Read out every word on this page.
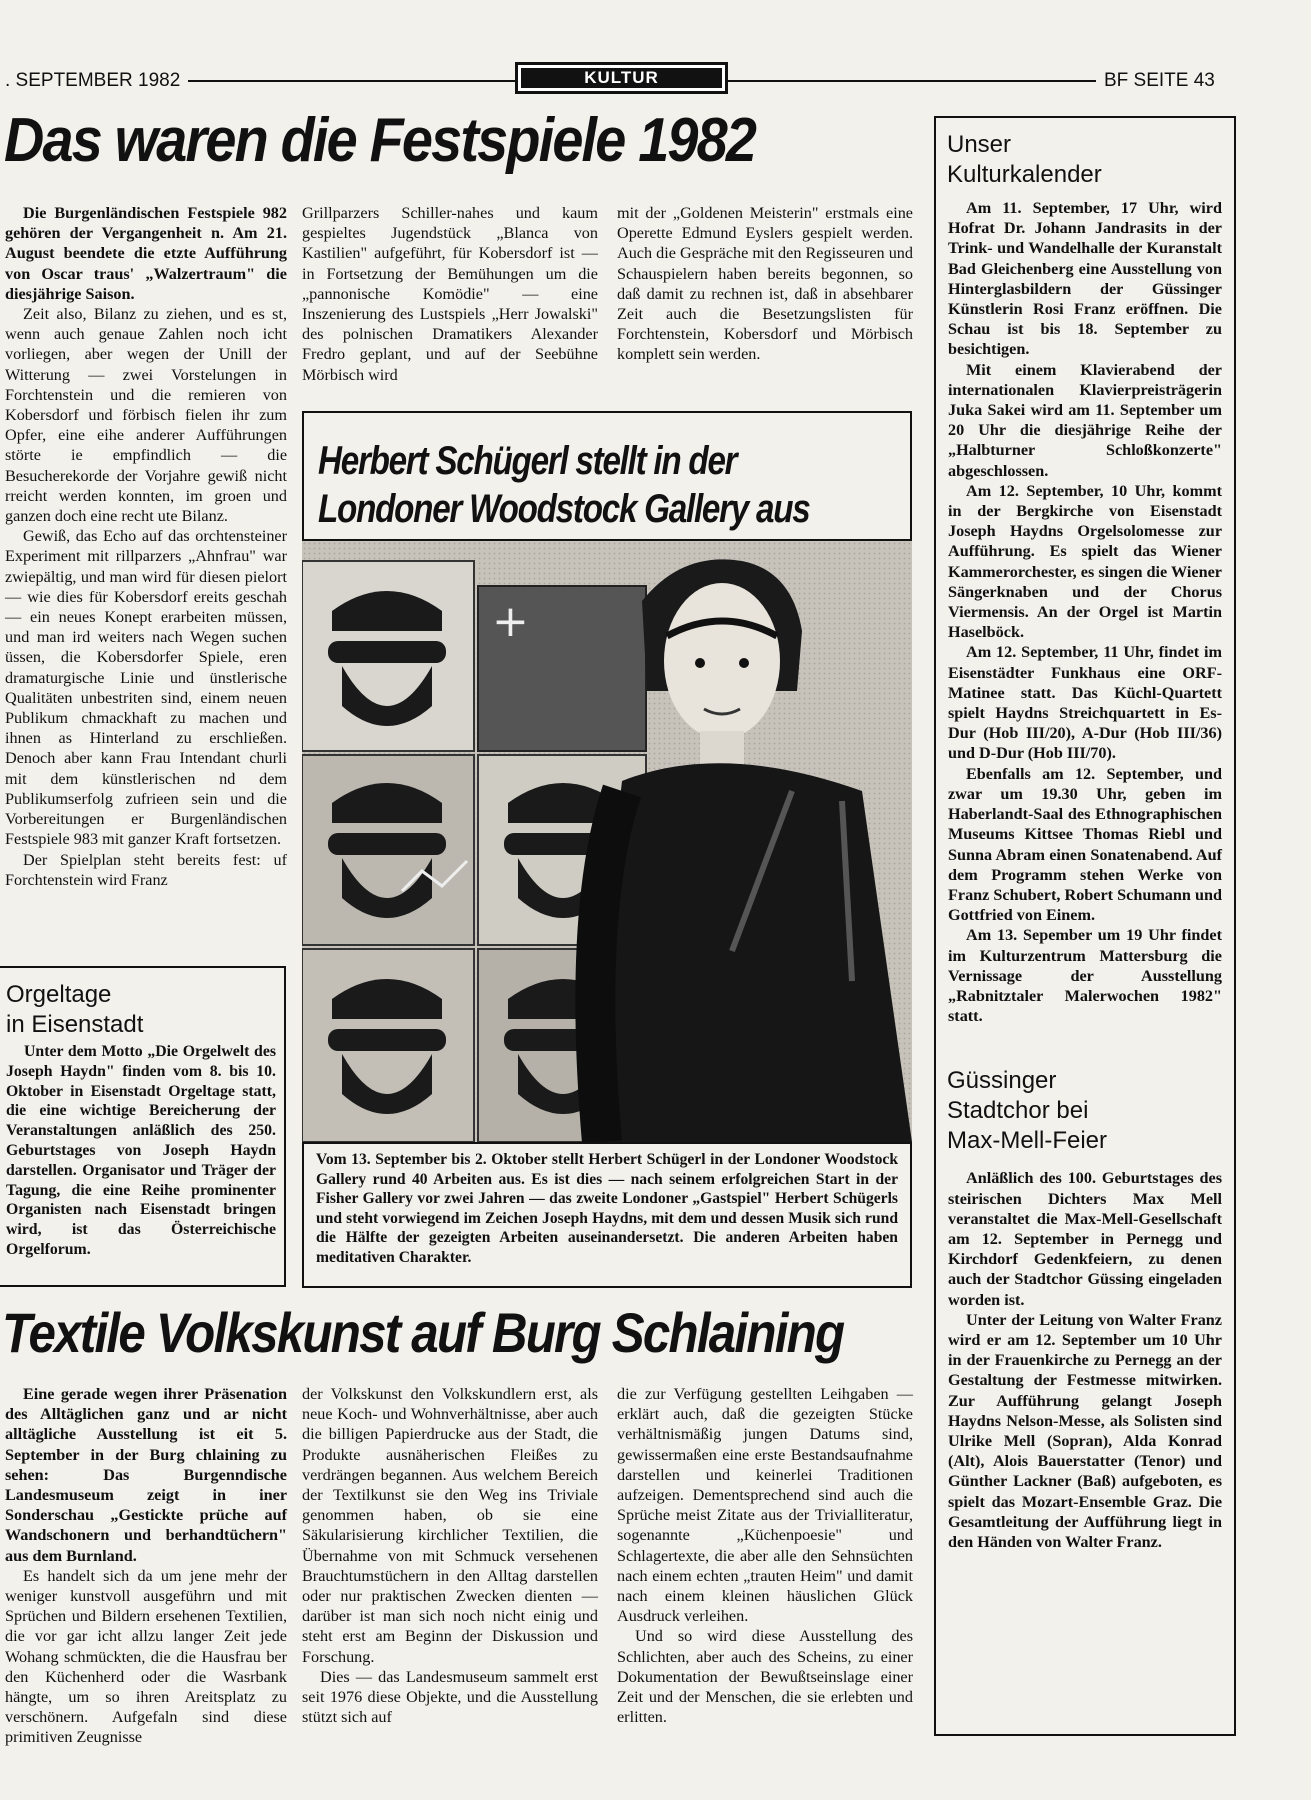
. SEPTEMBER 1982	KULTUR	BF SEITE 43
Das waren die Festspiele 1982

Die Burgenländischen Festspiele 982 gehören der Vergangenheit n. Am 21. August beendete die etzte Aufführung von Oscar traus' „Walzertraum" die diesjährige Saison.

Zeit also, Bilanz zu ziehen, und es st, wenn auch genaue Zahlen noch icht vorliegen, aber wegen der Unill der Witterung — zwei Vorstelungen in Forchtenstein und die remieren von Kobersdorf und förbisch fielen ihr zum Opfer, eine eihe anderer Aufführungen störte ie empfindlich — die Besucherekorde der Vorjahre gewiß nicht rreicht werden konnten, im groen und ganzen doch eine recht ute Bilanz.

Gewiß, das Echo auf das orchtensteiner Experiment mit rillparzers „Ahnfrau" war zwiepältig, und man wird für diesen pielort — wie dies für Kobersdorf ereits geschah — ein neues Konept erarbeiten müssen, und man ird weiters nach Wegen suchen üssen, die Kobersdorfer Spiele, eren dramaturgische Linie und ünstlerische Qualitäten unbestriten sind, einem neuen Publikum chmackhaft zu machen und ihnen as Hinterland zu erschließen. Denoch aber kann Frau Intendant churli mit dem künstlerischen nd dem Publikumserfolg zufrieen sein und die Vorbereitungen er Burgenländischen Festspiele 983 mit ganzer Kraft fortsetzen.

Der Spielplan steht bereits fest: uf Forchtenstein wird Franz

Grillparzers Schiller-nahes und kaum gespieltes Jugendstück „Blanca von Kastilien" aufgeführt, für Kobersdorf ist — in Fortsetzung der Bemühungen um die „pannonische Komödie" — eine Inszenierung des Lustspiels „Herr Jowalski" des polnischen Dramatikers Alexander Fredro geplant, und auf der Seebühne Mörbisch wird

mit der „Goldenen Meisterin" erstmals eine Operette Edmund Eyslers gespielt werden. Auch die Gespräche mit den Regisseuren und Schauspielern haben bereits begonnen, so daß damit zu rechnen ist, daß in absehbarer Zeit auch die Besetzungslisten für Forchtenstein, Kobersdorf und Mörbisch komplett sein werden.

Orgeltage
in Eisenstadt

Unter dem Motto „Die Orgelwelt des Joseph Haydn" finden vom 8. bis 10. Oktober in Eisenstadt Orgeltage statt, die eine wichtige Bereicherung der Veranstaltungen anläßlich des 250. Geburtstages von Joseph Haydn darstellen. Organisator und Träger der Tagung, die eine Reihe prominenter Organisten nach Eisenstadt bringen wird, ist das Österreichische Orgelforum.

Herbert Schügerl stellt in der
Londoner Woodstock Gallery aus
+
Vom 13. September bis 2. Oktober stellt Herbert Schügerl in der Londoner Woodstock Gallery rund 40 Arbeiten aus. Es ist dies — nach seinem erfolgreichen Start in der Fisher Gallery vor zwei Jahren — das zweite Londoner „Gastspiel" Herbert Schügerls und steht vorwiegend im Zeichen Joseph Haydns, mit dem und dessen Musik sich rund die Hälfte der gezeigten Arbeiten auseinandersetzt. Die anderen Arbeiten haben meditativen Charakter.
Unser
Kulturkalender

Am 11. September, 17 Uhr, wird Hofrat Dr. Johann Jandrasits in der Trink- und Wandelhalle der Kuranstalt Bad Gleichenberg eine Ausstellung von Hinterglasbildern der Güssinger Künstlerin Rosi Franz eröffnen. Die Schau ist bis 18. September zu besichtigen.

Mit einem Klavierabend der internationalen Klavierpreisträgerin Juka Sakei wird am 11. September um 20 Uhr die diesjährige Reihe der „Halbturner Schloßkonzerte" abgeschlossen.

Am 12. September, 10 Uhr, kommt in der Bergkirche von Eisenstadt Joseph Haydns Orgelsolomesse zur Aufführung. Es spielt das Wiener Kammerorchester, es singen die Wiener Sängerknaben und der Chorus Viermensis. An der Orgel ist Martin Haselböck.

Am 12. September, 11 Uhr, findet im Eisenstädter Funkhaus eine ORF-Matinee statt. Das Küchl-Quartett spielt Haydns Streichquartett in Es-Dur (Hob III/20), A-Dur (Hob III/36) und D-Dur (Hob III/70).

Ebenfalls am 12. September, und zwar um 19.30 Uhr, geben im Haberlandt-Saal des Ethnographischen Museums Kittsee Thomas Riebl und Sunna Abram einen Sonatenabend. Auf dem Programm stehen Werke von Franz Schubert, Robert Schumann und Gottfried von Einem.

Am 13. Sepember um 19 Uhr findet im Kulturzentrum Mattersburg die Vernissage der Ausstellung „Rabnitztaler Malerwochen 1982" statt.

Güssinger
Stadtchor bei
Max-Mell-Feier

Anläßlich des 100. Geburtstages des steirischen Dichters Max Mell veranstaltet die Max-Mell-Gesellschaft am 12. September in Pernegg und Kirchdorf Gedenkfeiern, zu denen auch der Stadtchor Güssing eingeladen worden ist.

Unter der Leitung von Walter Franz wird er am 12. September um 10 Uhr in der Frauenkirche zu Pernegg an der Gestaltung der Festmesse mitwirken. Zur Aufführung gelangt Joseph Haydns Nelson-Messe, als Solisten sind Ulrike Mell (Sopran), Alda Konrad (Alt), Alois Bauerstatter (Tenor) und Günther Lackner (Baß) aufgeboten, es spielt das Mozart-Ensemble Graz. Die Gesamtleitung der Aufführung liegt in den Händen von Walter Franz.

Textile Volkskunst auf Burg Schlaining

Eine gerade wegen ihrer Präsenation des Alltäglichen ganz und ar nicht alltägliche Ausstellung ist eit 5. September in der Burg chlaining zu sehen: Das Burgenndische Landesmuseum zeigt in iner Sonderschau „Gestickte prüche auf Wandschonern und berhandtüchern" aus dem Burnland.

Es handelt sich da um jene mehr der weniger kunstvoll ausgeführn und mit Sprüchen und Bildern ersehenen Textilien, die vor gar icht allzu langer Zeit jede Wohang schmückten, die die Hausfrau ber den Küchenherd oder die Wasrbank hängte, um so ihren Areitsplatz zu verschönern. Aufgefaln sind diese primitiven Zeugnisse

der Volkskunst den Volkskundlern erst, als neue Koch- und Wohnverhältnisse, aber auch die billigen Papierdrucke aus der Stadt, die Produkte ausnäherischen Fleißes zu verdrängen begannen. Aus welchem Bereich der Textilkunst sie den Weg ins Triviale genommen haben, ob sie eine Säkularisierung kirchlicher Textilien, die Übernahme von mit Schmuck versehenen Brauchtumstüchern in den Alltag darstellen oder nur praktischen Zwecken dienten — darüber ist man sich noch nicht einig und steht erst am Beginn der Diskussion und Forschung.

Dies — das Landesmuseum sammelt erst seit 1976 diese Objekte, und die Ausstellung stützt sich auf

die zur Verfügung gestellten Leihgaben — erklärt auch, daß die gezeigten Stücke verhältnismäßig jungen Datums sind, gewissermaßen eine erste Bestandsaufnahme darstellen und keinerlei Traditionen aufzeigen. Dementsprechend sind auch die Sprüche meist Zitate aus der Trivialliteratur, sogenannte „Küchenpoesie" und Schlagertexte, die aber alle den Sehnsüchten nach einem echten „trauten Heim" und damit nach einem kleinen häuslichen Glück Ausdruck verleihen.

Und so wird diese Ausstellung des Schlichten, aber auch des Scheins, zu einer Dokumentation der Bewußtseinslage einer Zeit und der Menschen, die sie erlebten und erlitten.
